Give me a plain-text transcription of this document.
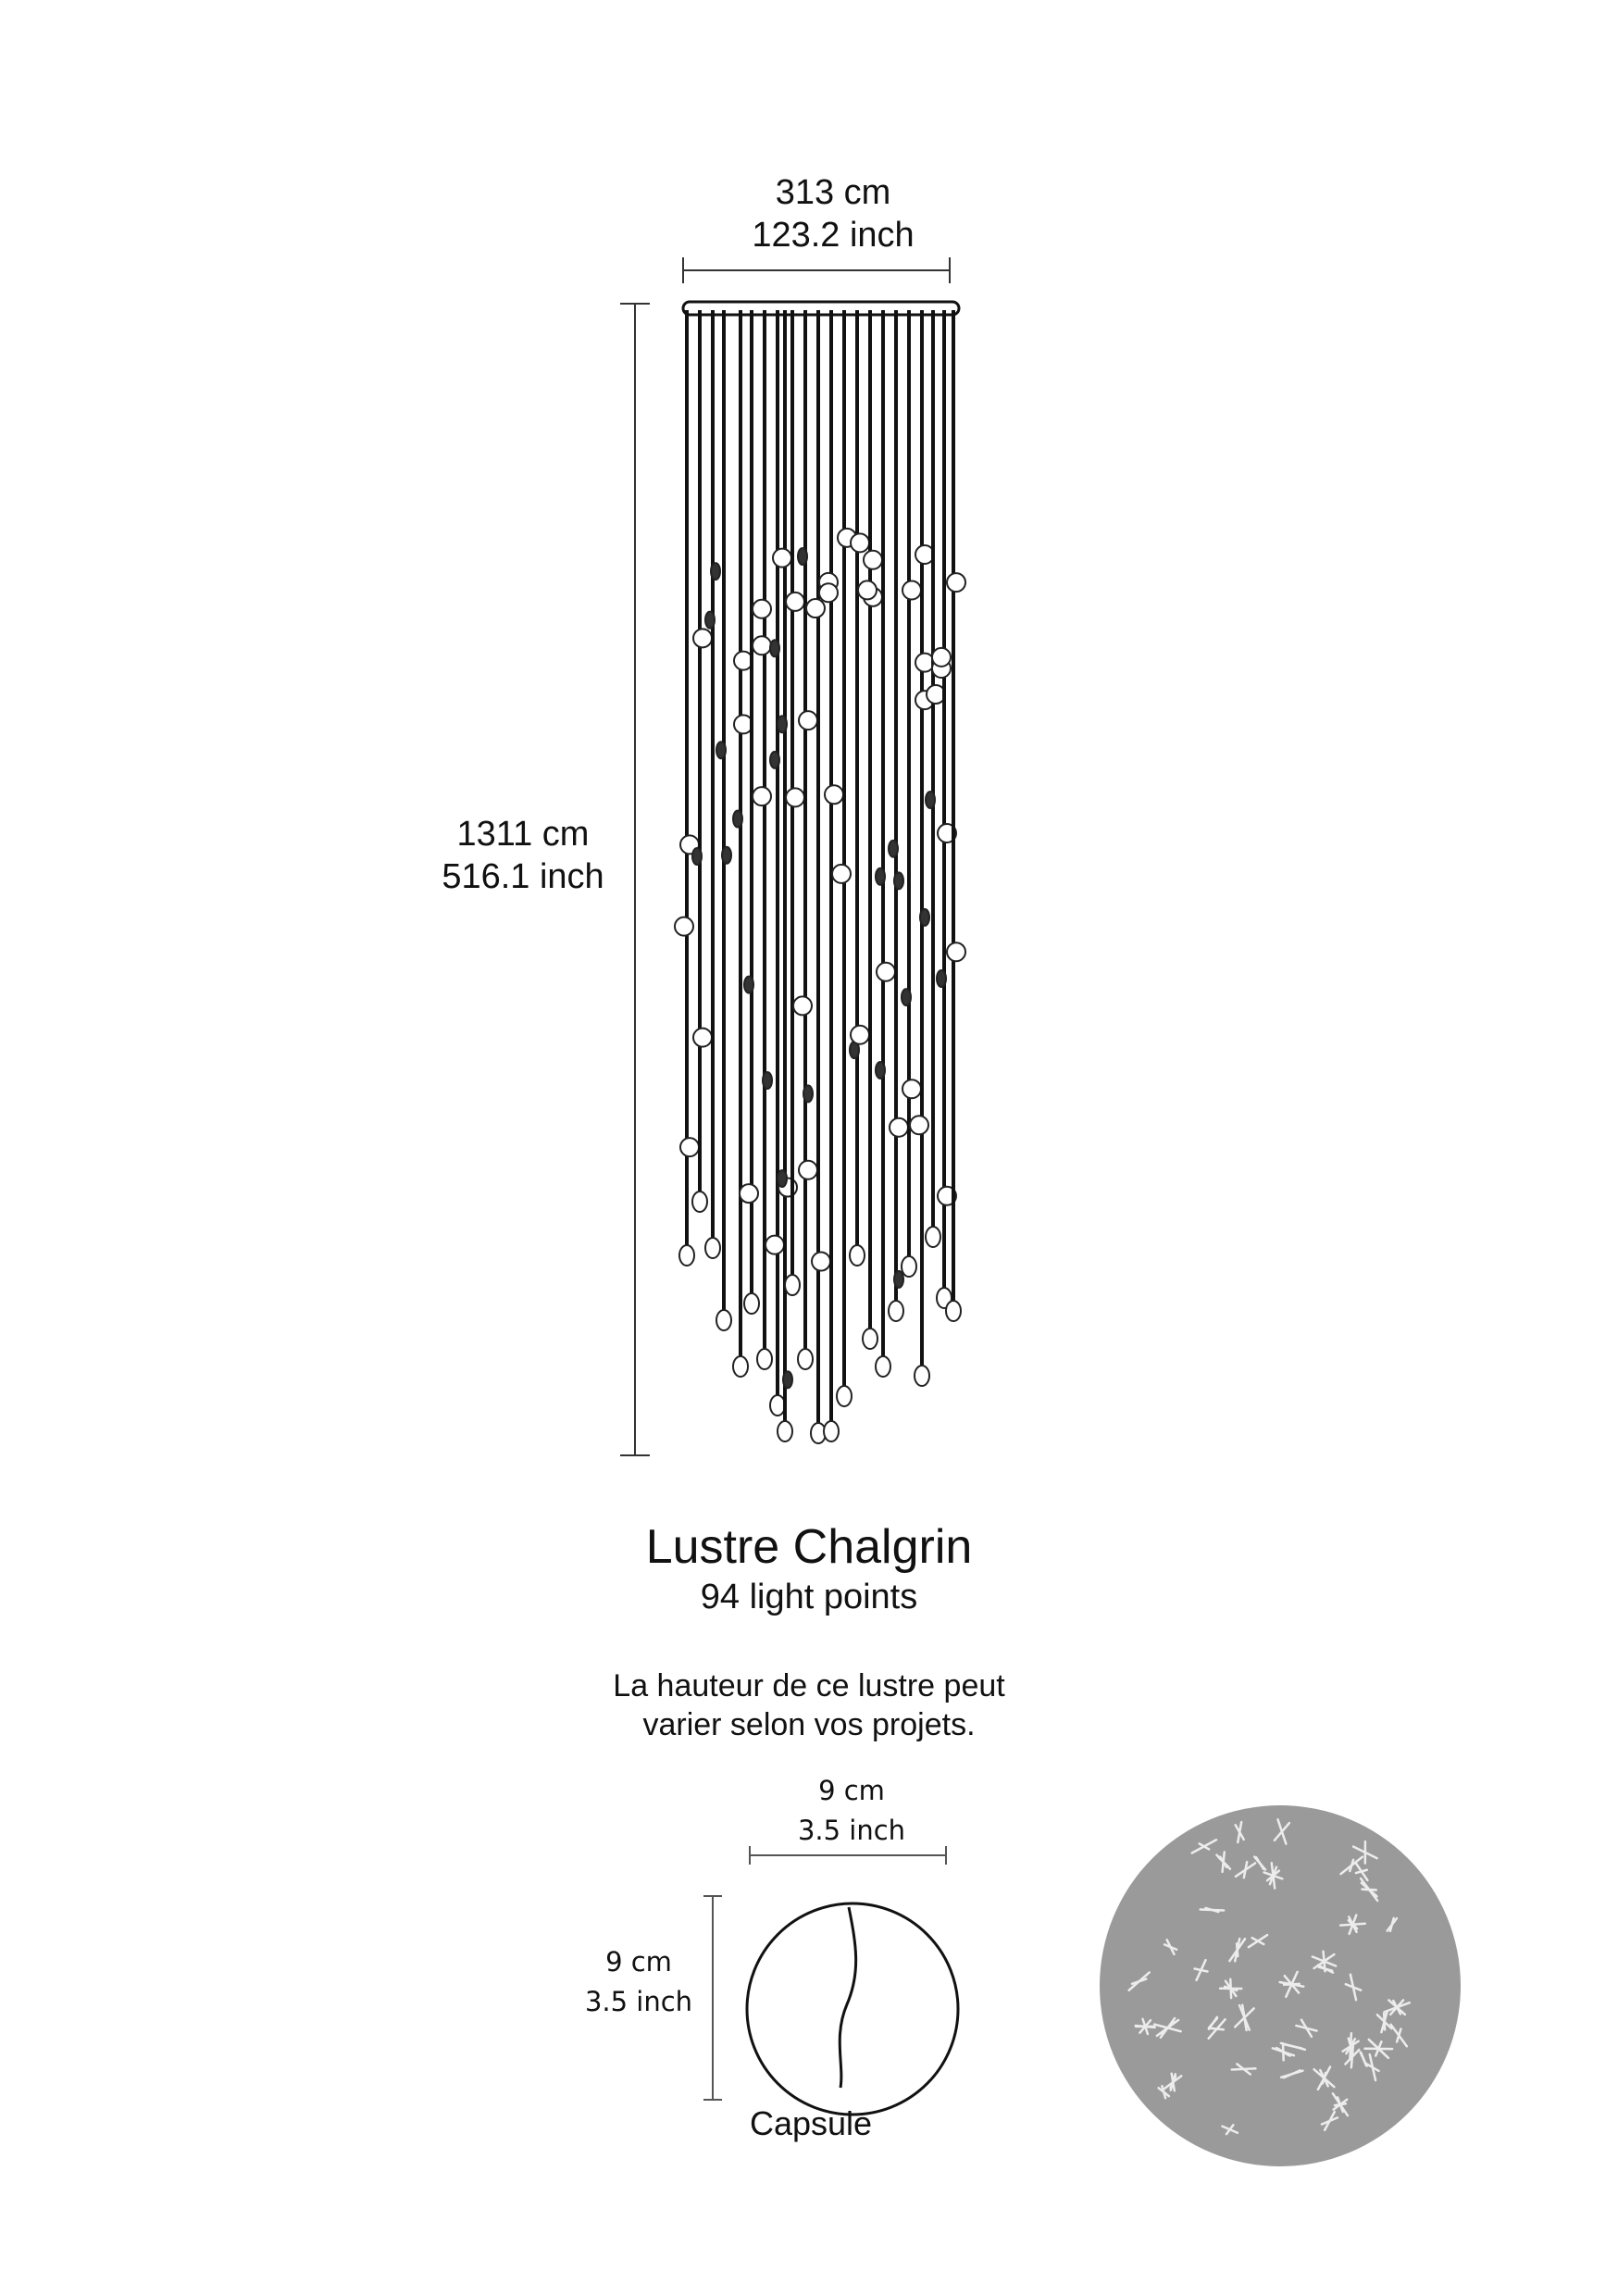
313 cm
123.2 inch
1311 cm
516.1 inch
Lustre Chalgrin
94 light points
La hauteur de ce lustre peut
varier selon vos projets.
9 cm
3.5 inch
9 cm
3.5 inch
Capsule
